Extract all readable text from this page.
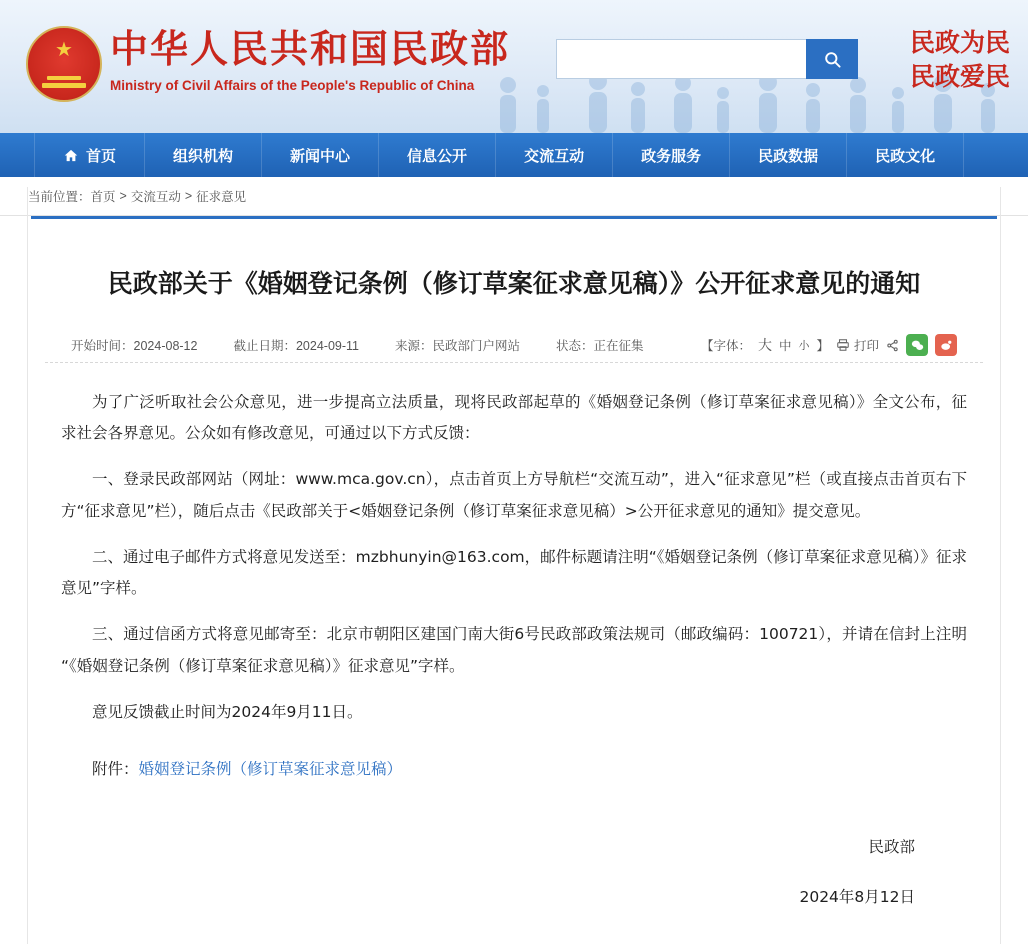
★ 中华人民共和国民政部
Ministry of Civil Affairs of the People's Republic of China
民政为民
民政爱民
首页	组织机构	新闻中心	信息公开	交流互动	政务服务	民政数据	民政文化
当前位置： 首页 > 交流互动 > 征求意见
民政部关于《婚姻登记条例（修订草案征求意见稿）》公开征求意见的通知
开始时间：2024-08-12	截止日期：2024-09-11	来源：民政部门户网站	状态：正在征集	【字体： 大 中 小 】 打印

为了广泛听取社会公众意见，进一步提高立法质量，现将民政部起草的《婚姻登记条例（修订草案征求意见稿）》全文公布，征求社会各界意见。公众如有修改意见，可通过以下方式反馈：

一、登录民政部网站（网址：www.mca.gov.cn），点击首页上方导航栏“交流互动”，进入“征求意见”栏（或直接点击首页右下方“征求意见”栏），随后点击《民政部关于<婚姻登记条例（修订草案征求意见稿）>公开征求意见的通知》提交意见。

二、通过电子邮件方式将意见发送至：mzbhunyin@163.com，邮件标题请注明“《婚姻登记条例（修订草案征求意见稿）》征求意见”字样。

三、通过信函方式将意见邮寄至：北京市朝阳区建国门南大街6号民政部政策法规司（邮政编码：100721），并请在信封上注明“《婚姻登记条例（修订草案征求意见稿）》征求意见”字样。

意见反馈截止时间为2024年9月11日。

附件：婚姻登记条例（修订草案征求意见稿）
民政部
2024年8月12日
